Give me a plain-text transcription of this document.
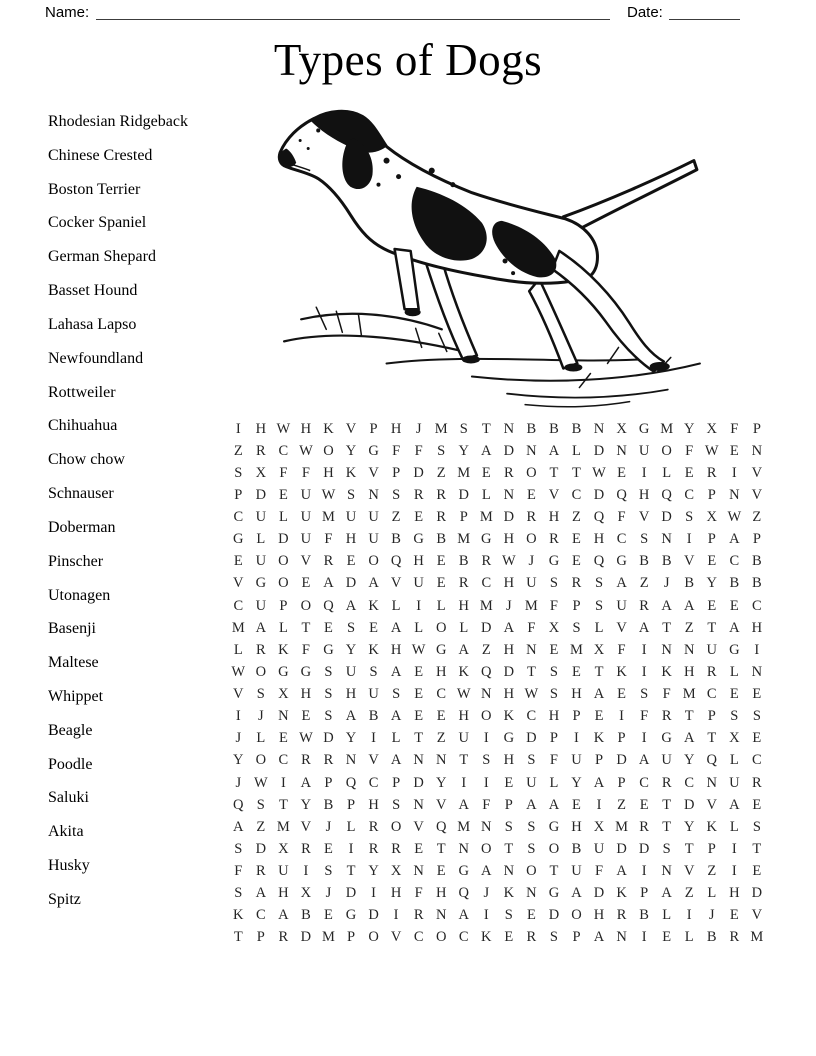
Name:	Date:
Types of Dogs
Rhodesian Ridgeback
Chinese Crested
Boston Terrier
Cocker Spaniel
German Shepard
Basset Hound
Lahasa Lapso
Newfoundland
Rottweiler
Chihuahua
Chow chow
Schnauser
Doberman
Pinscher
Utonagen
Basenji
Maltese
Whippet
Beagle
Poodle
Saluki
Akita
Husky
Spitz
I	H W H K V P H J M S T N B B B N X G M Y X F P
Z R C W O Y G F F S Y A D N A L D N U O F W E N
S X F F H K V P D Z M E R O T T W E	I	L E R	I	V
P D E U W S N S R R D L N E V C D Q H Q C P N V
C U L U M U U Z E R P M D R H Z Q F V D S X W Z
G L D U F H U B G B M G H O R E H C S N	I	P A P
E U O V R E O Q H E B R W J G E Q G B B V E C B
V G O E A D A V U E R C H U S R S A Z	J	B Y B B
C U P O Q A K L	I	L H M J M F P S U R A A E E C
M A L T E S E A L O L D A F X S L V A T Z T A H
L R K F G Y K H W G A Z H N E M X F	I	N N U G	I
W O G G S U S A E H K Q D T S E T K	I	K H R L N
V S X H S H U S E C W N H W S H A E S F M C E E
I	J N E S A B A E E H O K C H P E	I	F R T P S S
J	L E W D Y	I	L T Z U	I	G D P	I	K P	I	G A T X E
Y O C R R N V A N N T S H S F U P D A U Y Q L C
J W I	A P Q C P D Y	I	I	E U L Y A P C R C N U R
Q S T Y B P H S N V A F P A A E	I	Z E T D V A E
A Z M V J	L R O V Q M N S S G H X M R T Y K L S
S D X R E	I	R R E T N O T S O B U D D S T P	I	T
F R U	I	S T Y X N E G A N O T U F A	I	N V Z	I	E
S A H X J D	I	H F H Q J K N G A D K P A Z L H D
K C A B E G D	I	R N A	I	S E D O H R B L	I	J	E V
T P R D M P O V C O C K E R S P A N	I	E L B R M
